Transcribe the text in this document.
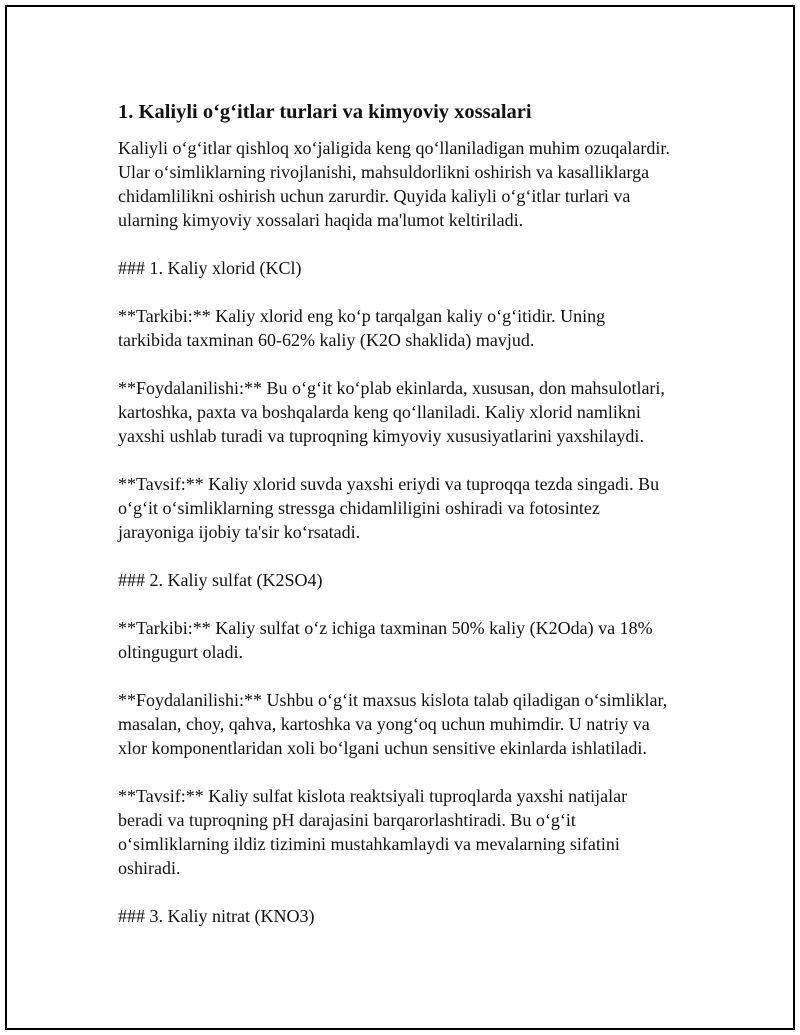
1. Kaliyli o‘g‘itlar turlari va kimyoviy xossalari

Kaliyli o‘g‘itlar qishloq xo‘jaligida keng qo‘llaniladigan muhim ozuqalardir.
Ular o‘simliklarning rivojlanishi, mahsuldorlikni oshirish va kasalliklarga
chidamlilikni oshirish uchun zarurdir. Quyida kaliyli o‘g‘itlar turlari va
ularning kimyoviy xossalari haqida ma'lumot keltiriladi.

### 1. Kaliy xlorid (KCl)

**Tarkibi:** Kaliy xlorid eng ko‘p tarqalgan kaliy o‘g‘itidir. Uning
tarkibida taxminan 60-62% kaliy (K2O shaklida) mavjud.

**Foydalanilishi:** Bu o‘g‘it ko‘plab ekinlarda, xususan, don mahsulotlari,
kartoshka, paxta va boshqalarda keng qo‘llaniladi. Kaliy xlorid namlikni
yaxshi ushlab turadi va tuproqning kimyoviy xususiyatlarini yaxshilaydi.

**Tavsif:** Kaliy xlorid suvda yaxshi eriydi va tuproqqa tezda singadi. Bu
o‘g‘it o‘simliklarning stressga chidamliligini oshiradi va fotosintez
jarayoniga ijobiy ta'sir ko‘rsatadi.

### 2. Kaliy sulfat (K2SO4)

**Tarkibi:** Kaliy sulfat o‘z ichiga taxminan 50% kaliy (K2Oda) va 18%
oltingugurt oladi.

**Foydalanilishi:** Ushbu o‘g‘it maxsus kislota talab qiladigan o‘simliklar,
masalan, choy, qahva, kartoshka va yong‘oq uchun muhimdir. U natriy va
xlor komponentlaridan xoli bo‘lgani uchun sensitive ekinlarda ishlatiladi.

**Tavsif:** Kaliy sulfat kislota reaktsiyali tuproqlarda yaxshi natijalar
beradi va tuproqning pH darajasini barqarorlashtiradi. Bu o‘g‘it
o‘simliklarning ildiz tizimini mustahkamlaydi va mevalarning sifatini
oshiradi.

### 3. Kaliy nitrat (KNO3)
